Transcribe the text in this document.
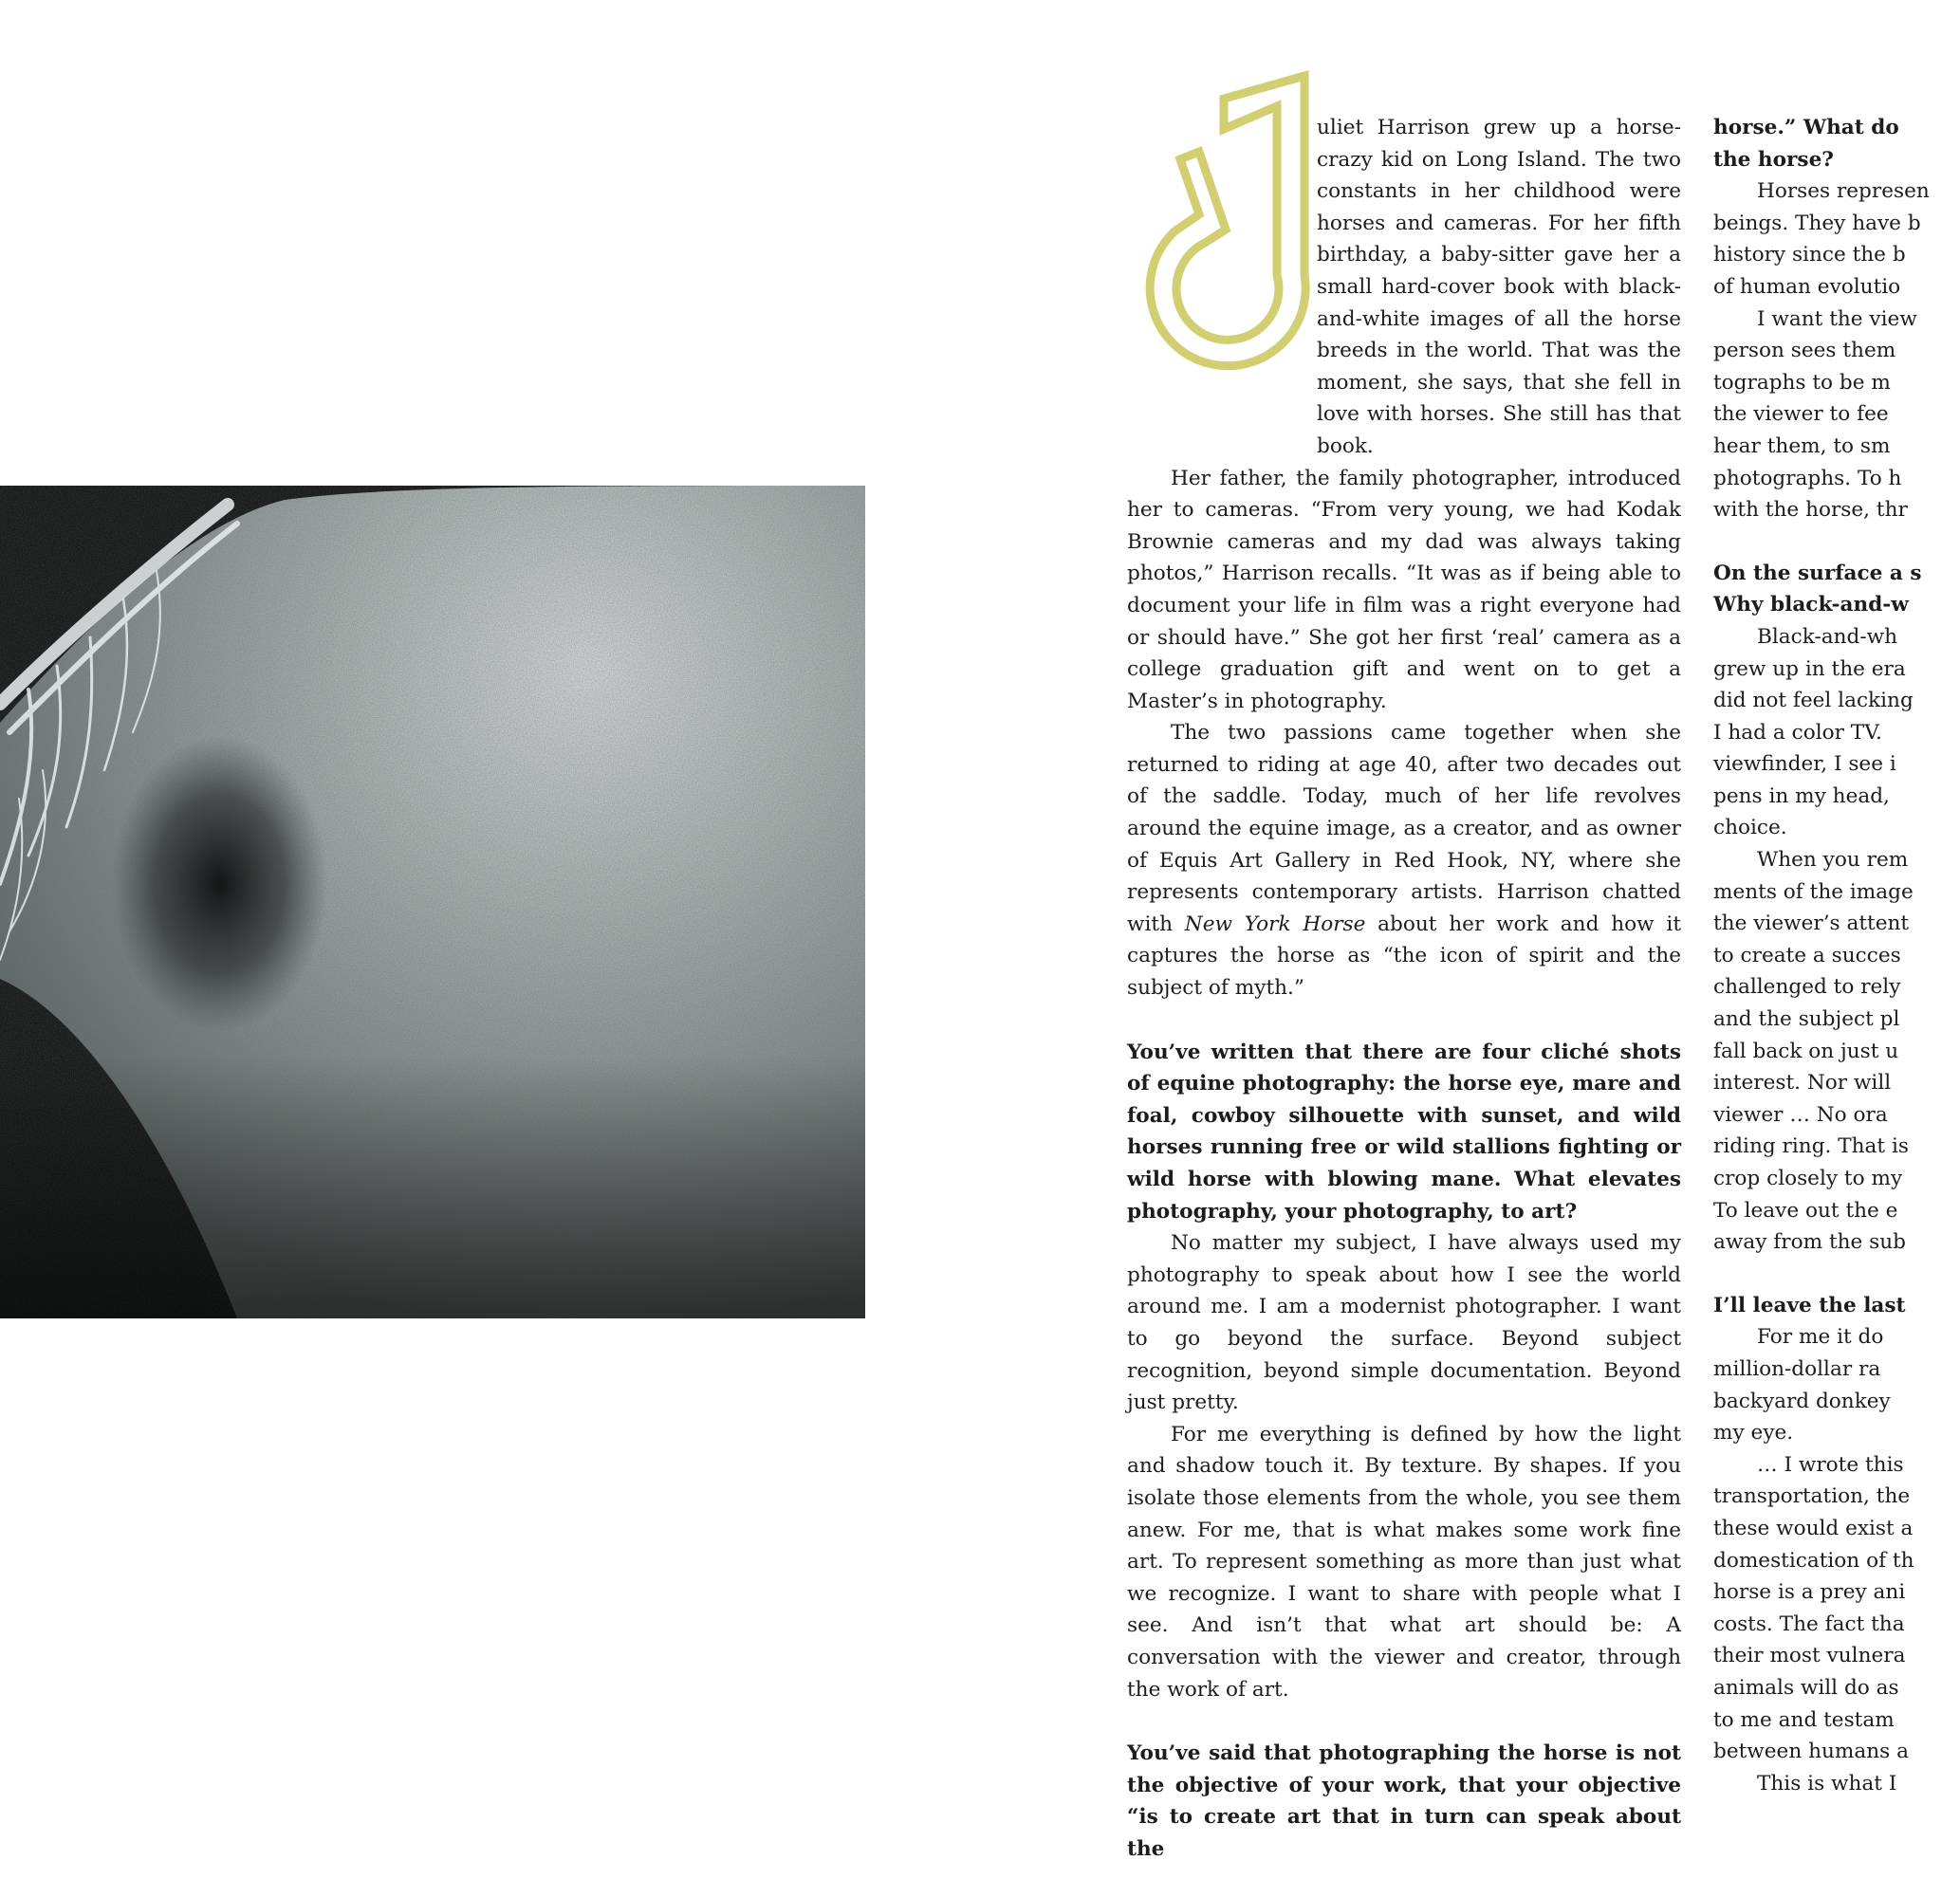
uliet Harrison grew up a horse-crazy kid on Long Island. The two constants in her childhood were horses and cameras. For her fifth birthday, a baby-sitter gave her a small hard-cover book with black-and-white images of all the horse breeds in the world. That was the moment, she says, that she fell in love with horses. She still has that book.

Her father, the family photographer, introduced her to cameras. “From very young, we had Kodak Brownie cameras and my dad was always taking photos,” Harrison recalls. “It was as if being able to document your life in film was a right everyone had or should have.” She got her first ‘real’ camera as a college graduation gift and went on to get a Master’s in photography.

The two passions came together when she returned to riding at age 40, after two decades out of the saddle. Today, much of her life revolves around the equine image, as a creator, and as owner of Equis Art Gallery in Red Hook, NY, where she represents contemporary artists. Harrison chatted with New York Horse about her work and how it captures the horse as “the icon of spirit and the subject of myth.”

You’ve written that there are four cliché shots of equine photography: the horse eye, mare and foal, cowboy silhouette with sunset, and wild horses running free or wild stallions fighting or wild horse with blowing mane. What elevates photography, your photography, to art?

No matter my subject, I have always used my photography to speak about how I see the world around me. I am a modernist photographer. I want to go beyond the surface. Beyond subject recognition, beyond simple documentation. Beyond just pretty.

For me everything is defined by how the light and shadow touch it. By texture. By shapes. If you isolate those elements from the whole, you see them anew. For me, that is what makes some work fine art. To represent something as more than just what we recognize. I want to share with people what I see. And isn’t that what art should be: A conversation with the viewer and creator, through the work of art.

You’ve said that photographing the horse is not the objective of your work, that your objective “is to create art that in turn can speak about the

horse.” What do
the horse?
Horses represen
beings. They have b
history since the b
of human evolutio
I want the view
person sees them
tographs to be m
the viewer to fee
hear them, to sm
photographs. To h
with the horse, thr
On the surface a s
Why black-and-w
Black-and-wh
grew up in the era
did not feel lacking
I had a color TV.
viewfinder, I see i
pens in my head,
choice.
When you rem
ments of the image
the viewer’s attent
to create a succes
challenged to rely
and the subject pl
fall back on just u
interest. Nor will
viewer … No ora
riding ring. That is
crop closely to my
To leave out the e
away from the sub
I’ll leave the last
For me it do
million-dollar ra
backyard donkey
my eye.
… I wrote this
transportation, the
these would exist a
domestication of th
horse is a prey ani
costs. The fact tha
their most vulnera
animals will do as
to me and testam
between humans a
This is what I
